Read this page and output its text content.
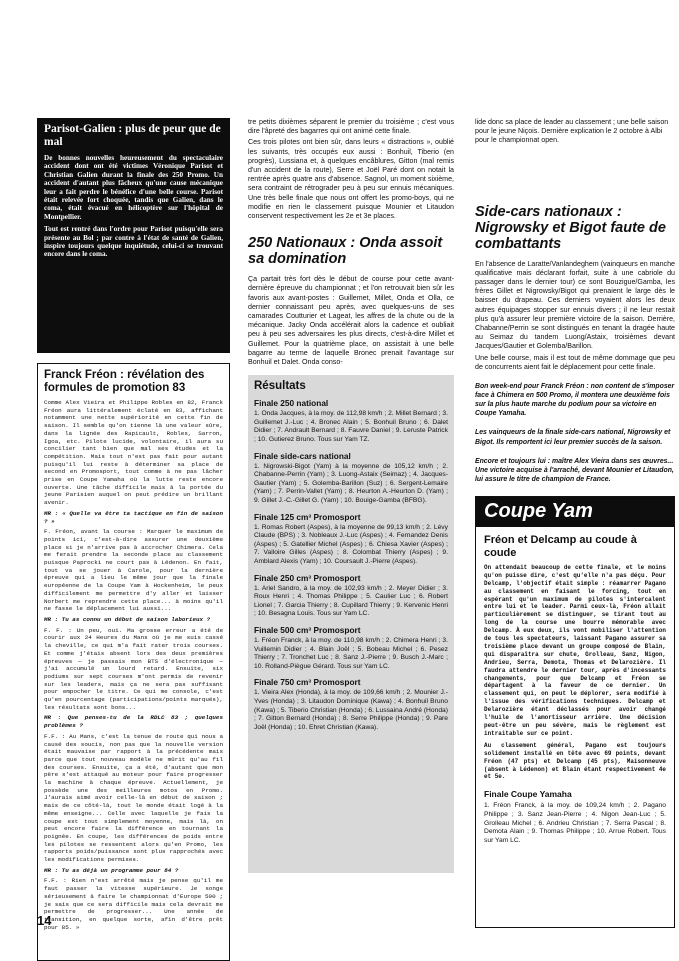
Parisot-Galien : plus de peur que de mal

De bonnes nouvelles heureusement du spectaculaire accident dont ont été victimes Véronique Parisot et Christian Galien durant la finale des 250 Promo. Un accident d'autant plus fâcheux qu'une cause mécanique leur a fait perdre le bénéfice d'une belle course. Parisot était relevée fort choquée, tandis que Galien, dans le coma, était évacué en hélicoptère sur l'hôpital de Montpellier.

Tout est rentré dans l'ordre pour Parisot puisqu'elle sera présente au Bol ; par contre à l'état de santé de Galien, inspire toujours quelque inquiétude, celui-ci se trouvant encore dans le coma.

Franck Fréon : révélation des formules de promotion 83

Comme Alex Vieira et Philippe Robles en 82, Franck Fréon aura littéralement éclaté en 83, affichant notamment une nette supériorité en cette fin de saison. Il semble qu'on tienne là une valeur sûre, dans la lignée des Rapicault, Robles, Sarron, Igoa, etc. Pilote lucide, volontaire, il aura su concilier tant bien que mal ses études et la compétition. Mais tout n'est pas fait pour autant puisqu'il lui reste à déterminer sa place de second en Promosport, tout comme à ne pas lâcher prise en Coupe Yamaha où la lutte reste encore ouverte. Une tâche difficile mais à la portée du jeune Parisien auquel on peut prédire un brillant avenir.

MR : « Quelle va être ta tactique en fin de saison ? »

F. Fréon, avant la course : Marquer le maximum de points ici, c'est-à-dire assurer une deuxième place si je n'arrive pas à accrocher Chimera. Cela me ferait prendre la seconde place au classement puisque Paprocki ne court pas à Lédenon. En fait, tout va se jouer à Carole, pour la dernière épreuve qui a lieu le même jour que la finale européenne de la Coupe Yam à Hockenheim, le peux difficilement me permettre d'y aller et laisser Norbert me reprendre cette place... à moins qu'il ne fasse le déplacement lui aussi...

MR : Tu as connu un début de saison laborieux ?

F. F. : Un peu, oui. Ma grosse erreur a été de courir aux 24 Heures du Mans où je me suis cassé la cheville, ce qui m'a fait rater trois courses. Et comme j'étais absent lors des deux premières épreuves — je passais mon BTS d'électronique — j'ai accumulé un lourd retard. Ensuite, six podiums sur sept courses m'ont permis de revenir sur les leaders, mais ça ne sera pas suffisant pour empocher le titre. Ce qui me console, c'est qu'en pourcentage (participations/points marqués), les résultats sont bons...

MR : Que penses-tu de la RDLC 83 ; quelques problèmes ?

F.F. : Au Mans, c'est la tenue de route qui nous a causé des soucis, non pas que la nouvelle version était mauvaise par rapport à la précédente mais parce que tout nouveau modèle ne mûrit qu'au fil des courses. Ensuite, ça a été, d'autant que mon père s'est attaqué au moteur pour faire progresser la machine à chaque épreuve. Actuellement, je possède une des meilleures motos en Promo. J'aurais aimé avoir celle-là en début de saison ; mais de ce côté-là, tout le monde était logé à la même enseigne... Celle avec laquelle je fais la coupe est tout simplement moyenne, mais là, on peut encore faire la différence en tournant la poignée. En coupe, les différences de poids entre les pilotes se ressentent alors qu'en Promo, les rapports poids/puissance sont plus rapprochés avec les modifications permises.

MR : Tu as déjà un programme pour 84 ?

F.F. : Rien n'est arrêté mais je pense qu'il me faut passer la vitesse supérieure. Je songe sérieusement à faire le championnat d'Europe 500 ; je sais que ce sera difficile mais cela devrait me permettre de progresser... Une année de transition, en quelque sorte, afin d'être prêt pour 85. »

tre petits dixièmes séparent le premier du troisième ; c'est vous dire l'âpreté des bagarres qui ont animé cette finale.

Ces trois pilotes ont bien sûr, dans leurs « distractions », oublié les suivants, très occupés eux aussi : Bonhuil, Tiberio (en progrès), Lussiana et, à quelques encâblures, Gitton (mal remis d'un accident de la route), Serre et Joël Paré dont on notait la rentrée après quatre ans d'absence. Sagnol, un moment sixième, sera contraint de rétrograder peu à peu sur ennuis mécaniques. Une très belle finale que nous ont offert les promo-boys, qui ne modifie en rien le classement puisque Mounier et Litaudon conservent respectivement les 2e et 3e places.

250 Nationaux : Onda assoit sa domination

Ça partait très fort dès le début de course pour cette avant-dernière épreuve du championnat ; et l'on retrouvait bien sûr les favoris aux avant-postes : Guillemet, Millet, Onda et Olla, ce dernier connaissant peu après, avec quelques-uns de ses camarades Coutturier et Lageat, les affres de la chute ou de la mécanique. Jacky Onda accélérait alors la cadence et oubliait peu à peu ses adversaires les plus directs, c'est-à-dire Millet et Guillemet. Pour la quatrième place, on assistait à une belle bagarre au terme de laquelle Bronec prenait l'avantage sur Bonhuil et Dalet. Onda conso-

Résultats
Finale 250 national

1. Onda Jacques, à la moy. de 112,98 km/h ; 2. Millet Bernard ; 3. Guillemet J.-Luc ; 4. Bronec Alain ; 5. Bonhuil Bruno ; 6. Dalet Didier ; 7. Andrault Bernard ; 8. Fauvre Daniel ; 9. Leruste Patrick ; 10. Gutierez Bruno. Tous sur Yam TZ.

Finale side-cars national

1. Nigrowski-Bigot (Yam) à la moyenne de 105,12 km/h ; 2. Chabanne-Perrin (Yam) ; 3. Luong-Astaix (Seimaz) ; 4. Jacques-Gautier (Yam) ; 5. Golemba-Barillon (Suz) ; 6. Sergent-Lemaire (Yam) ; 7. Perrin-Vallet (Yam) ; 8. Heurton A.-Heurton D. (Yam) ; 9. Gillet J.-C.-Gillet G. (Yam) ; 10. Bouige-Gamba (BFBG).

Finale 125 cm³ Promosport

1. Romas Robert (Aspes), à la moyenne de 99,13 km/h ; 2. Lévy Claude (BPS) ; 3. Nobleaux J.-Luc (Aspes) ; 4. Fernandez Denis (Aspes) ; 5. Gatellier Michel (Aspes) ; 6. Chiesa Xavier (Aspes) ; 7. Valloire Gilles (Aspes) ; 8. Colombat Thierry (Aspes) ; 9. Amblard Alexis (Yam) ; 10. Coursault J.-Pierre (Aspes).

Finale 250 cm³ Promosport

1. Ariel Sandro, à la moy. de 102,93 km/h ; 2. Meyer Didier ; 3. Roux Henri ; 4. Thomas Philippe ; 5. Caulier Luc ; 6. Robert Lionel ; 7. Garcia Thierry ; 8. Cupillard Thierry ; 9. Kervenic Henri ; 10. Besagna Louis. Tous sur Yam LC.

Finale 500 cm³ Promosport

1. Fréon Franck, à la moy. de 110,98 km/h ; 2. Chimera Henri ; 3. Vuillemin Didier ; 4. Blain Joël ; 5. Bobeau Michel ; 6. Pesez Thierry ; 7. Tronchet Luc ; 8. Sanz J.-Pierre ; 9. Busch J.-Marc ; 10. Rolland-Piègue Gérard. Tous sur Yam LC.

Finale 750 cm³ Promosport

1. Vieira Alex (Honda), à la moy. de 109,66 km/h ; 2. Mounier J.-Yves (Honda) ; 3. Litaudon Dominique (Kawa) ; 4. Bonhuil Bruno (Kawa) ; 5. Tiberio Christian (Honda) ; 6. Lussaina André (Honda) ; 7. Gitton Bernard (Honda) ; 8. Serre Philippe (Honda) ; 9. Pare Joël (Honda) ; 10. Ehret Christian (Kawa).

lide donc sa place de leader au classement ; une belle saison pour le jeune Niçois. Dernière explication le 2 octobre à Albi pour le championnat open.

Side-cars nationaux : Nigrowsky et Bigot faute de combattants

En l'absence de Laratte/Vanlandeghem (vainqueurs en manche qualificative mais déclarant forfait, suite à une cabriole du passager dans le dernier tour) ce sont Bouzigue/Gamba, les frères Gillet et Nigrowsky/Bigot qui prenaient le large dès le baisser du drapeau. Ces derniers voyaient alors les deux autres équipages stopper sur ennuis divers ; il ne leur restait plus qu'à assurer leur première victoire de la saison. Derrière, Chabanne/Perrin se sont distingués en tenant la dragée haute au Seimaz du tandem Luong/Astaix, troisièmes devant Jacques/Gautier et Golemba/Barillon.

Une belle course, mais il est tout de même dommage que peu de concurrents aient fait le déplacement pour cette finale.

Bon week-end pour Franck Fréon : non content de s'imposer face à Chimera en 500 Promo, il montera une deuxième fois sur la plus haute marche du podium pour sa victoire en Coupe Yamaha.

Les vainqueurs de la finale side-cars national, Nigrowsky et Bigot. Ils remportent ici leur premier succès de la saison.

Encore et toujours lui : maître Alex Vieira dans ses œuvres... Une victoire acquise à l'arraché, devant Mounier et Litaudon, lui assure le titre de champion de France.

Coupe Yam
Fréon et Delcamp au coude à coude

On attendait beaucoup de cette finale, et le moins qu'on puisse dire, c'est qu'elle n'a pas déçu. Pour Delcamp, l'objectif était simple : réamarrer Pagano au classement en faisant le forcing, tout en espérant qu'un maximum de pilotes s'intercalent entre lui et le leader. Parmi ceux-là, Fréon allait particulièrement se distinguer, se tirant tout au long de la course une bourre mémorable avec Delcamp. À eux deux, ils vont mobiliser l'attention de tous les spectateurs, laissant Pagano assurer sa troisième place devant un groupe composé de Blain, qui disparaîtra sur chute, Grolleau, Sanz, Nigon, Andrieu, Serra, Demota, Thomas et Delarozière. Il faudra attendre le dernier tour, après d'incessants changements, pour que Delcamp et Fréon se départagent à la faveur de ce dernier. Un classement qui, on peut le déplorer, sera modifié à l'issue des vérifications techniques. Delcamp et Delarozière étant déclassés pour avoir changé l'huile de l'amortisseur arrière. Une décision peut-être un peu sévère, mais le règlement est intraitable sur ce point.

Au classement général, Pagano est toujours solidement installé en tête avec 69 points, devant Fréon (47 pts) et Delcamp (45 pts), Maisonneuve (absent à Lédenon) et Blain étant respectivement 4e et 5e.

Finale Coupe Yamaha

1. Fréon Franck, à la moy. de 109,24 km/h ; 2. Pagano Philippe ; 3. Sanz Jean-Pierre ; 4. Nigon Jean-Luc ; 5. Grolleau Michel ; 6. Andrieu Christian ; 7. Serra Pascal ; 8. Demota Alain ; 9. Thomas Philippe ; 10. Arrue Robert. Tous sur Yam LC.

14
